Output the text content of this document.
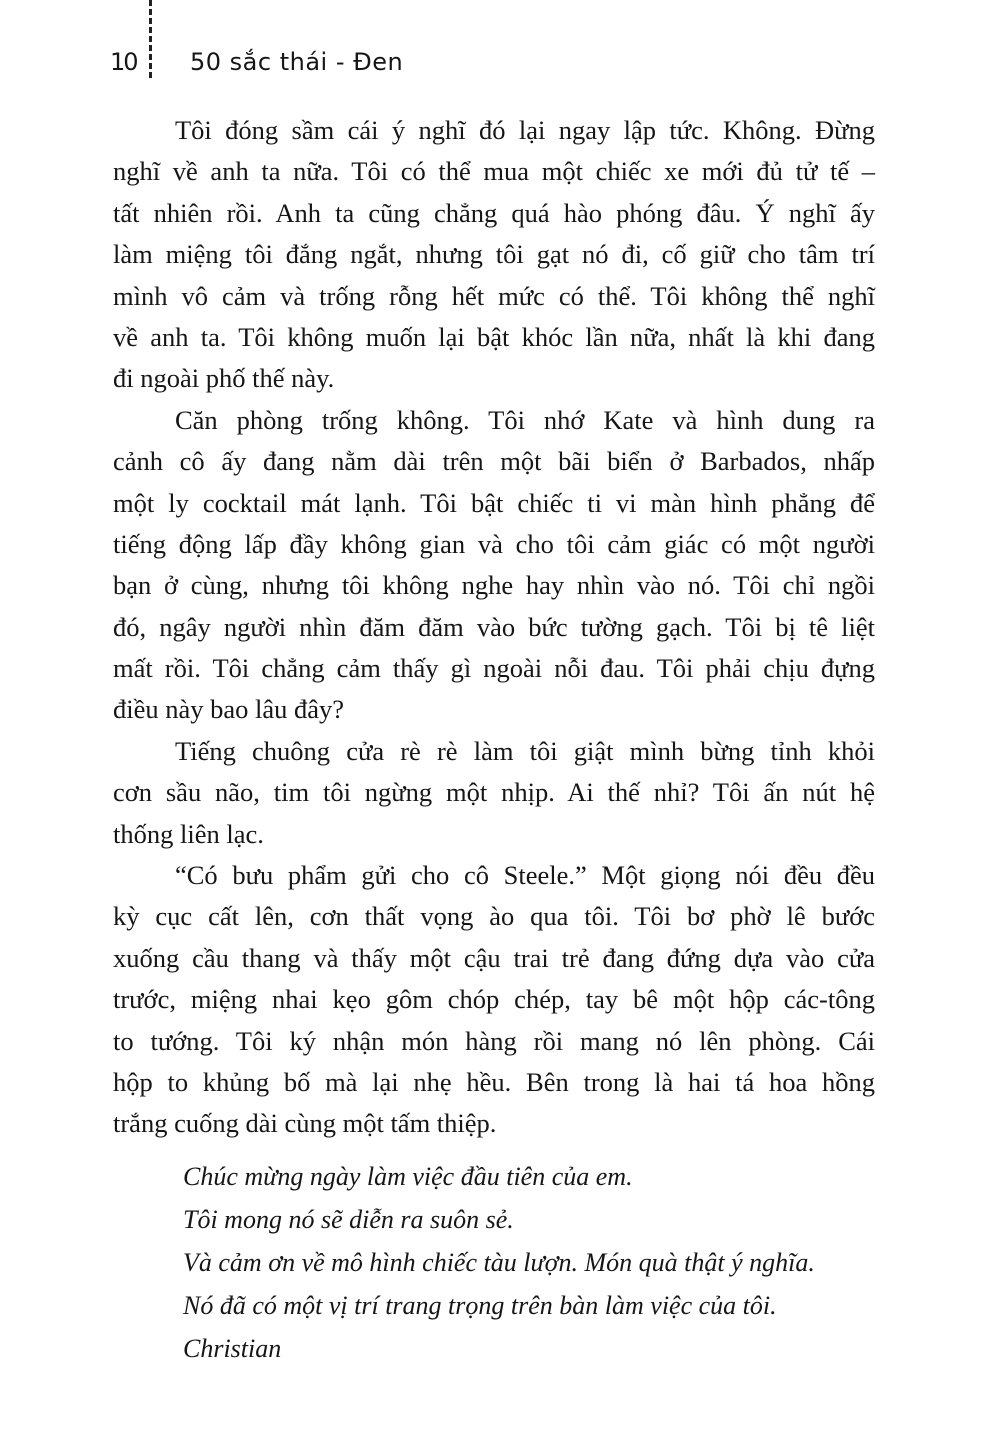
10 50 sắc thái - Đen
Tôi đóng sầm cái ý nghĩ đó lại ngay lập tức. Không. Đừng
nghĩ về anh ta nữa. Tôi có thể mua một chiếc xe mới đủ tử tế –
tất nhiên rồi. Anh ta cũng chẳng quá hào phóng đâu. Ý nghĩ ấy
làm miệng tôi đắng ngắt, nhưng tôi gạt nó đi, cố giữ cho tâm trí
mình vô cảm và trống rỗng hết mức có thể. Tôi không thể nghĩ
về anh ta. Tôi không muốn lại bật khóc lần nữa, nhất là khi đang
đi ngoài phố thế này.
Căn phòng trống không. Tôi nhớ Kate và hình dung ra
cảnh cô ấy đang nằm dài trên một bãi biển ở Barbados, nhấp
một ly cocktail mát lạnh. Tôi bật chiếc ti vi màn hình phẳng để
tiếng động lấp đầy không gian và cho tôi cảm giác có một người
bạn ở cùng, nhưng tôi không nghe hay nhìn vào nó. Tôi chỉ ngồi
đó, ngây người nhìn đăm đăm vào bức tường gạch. Tôi bị tê liệt
mất rồi. Tôi chẳng cảm thấy gì ngoài nỗi đau. Tôi phải chịu đựng
điều này bao lâu đây?
Tiếng chuông cửa rè rè làm tôi giật mình bừng tỉnh khỏi
cơn sầu não, tim tôi ngừng một nhịp. Ai thế nhỉ? Tôi ấn nút hệ
thống liên lạc.
“Có bưu phẩm gửi cho cô Steele.” Một giọng nói đều đều
kỳ cục cất lên, cơn thất vọng ào qua tôi. Tôi bơ phờ lê bước
xuống cầu thang và thấy một cậu trai trẻ đang đứng dựa vào cửa
trước, miệng nhai kẹo gôm chóp chép, tay bê một hộp các-tông
to tướng. Tôi ký nhận món hàng rồi mang nó lên phòng. Cái
hộp to khủng bố mà lại nhẹ hều. Bên trong là hai tá hoa hồng
trắng cuống dài cùng một tấm thiệp.
Chúc mừng ngày làm việc đầu tiên của em.
Tôi mong nó sẽ diễn ra suôn sẻ.
Và cảm ơn về mô hình chiếc tàu lượn. Món quà thật ý nghĩa.
Nó đã có một vị trí trang trọng trên bàn làm việc của tôi.
Christian
